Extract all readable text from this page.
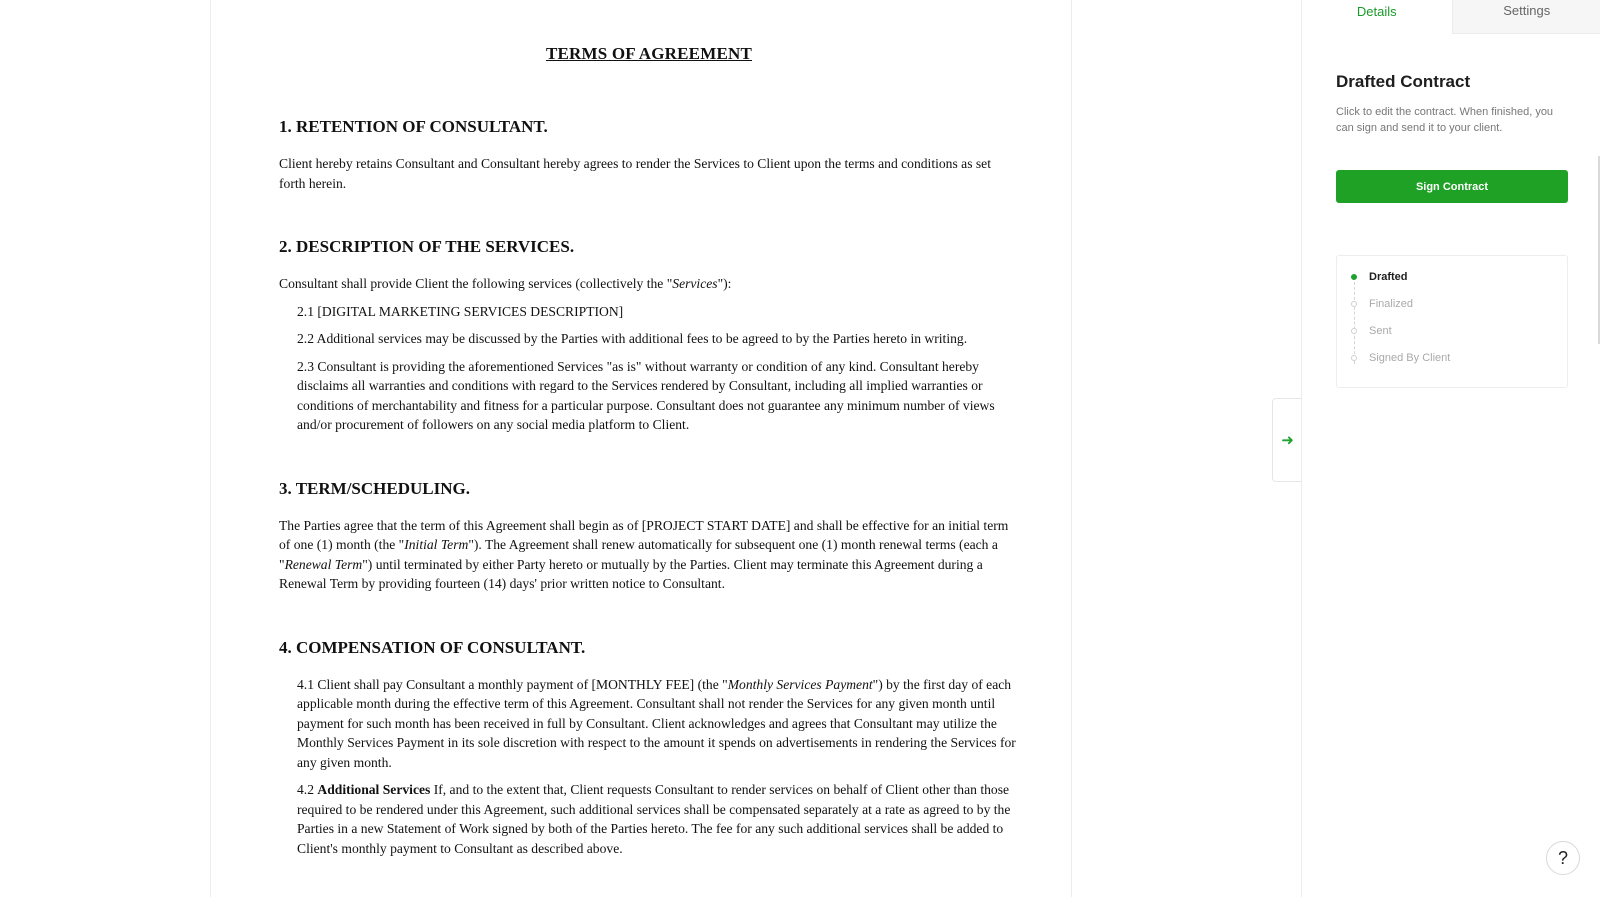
TERMS OF AGREEMENT
1. RETENTION OF CONSULTANT.

Client hereby retains Consultant and Consultant hereby agrees to render the Services to Client upon the terms and conditions as set forth herein.

2. DESCRIPTION OF THE SERVICES.

Consultant shall provide Client the following services (collectively the "Services"):

2.1 [DIGITAL MARKETING SERVICES DESCRIPTION]

2.2 Additional services may be discussed by the Parties with additional fees to be agreed to by the Parties hereto in writing.

2.3 Consultant is providing the aforementioned Services "as is" without warranty or condition of any kind. Consultant hereby disclaims all warranties and conditions with regard to the Services rendered by Consultant, including all implied warranties or conditions of merchantability and fitness for a particular purpose. Consultant does not guarantee any minimum number of views and/or procurement of followers on any social media platform to Client.

3. TERM/SCHEDULING.

The Parties agree that the term of this Agreement shall begin as of [PROJECT START DATE] and shall be effective for an initial term of one (1) month (the "Initial Term"). The Agreement shall renew automatically for subsequent one (1) month renewal terms (each a "Renewal Term") until terminated by either Party hereto or mutually by the Parties. Client may terminate this Agreement during a Renewal Term by providing fourteen (14) days' prior written notice to Consultant.

4. COMPENSATION OF CONSULTANT.

4.1 Client shall pay Consultant a monthly payment of [MONTHLY FEE] (the "Monthly Services Payment") by the first day of each applicable month during the effective term of this Agreement. Consultant shall not render the Services for any given month until payment for such month has been received in full by Consultant. Client acknowledges and agrees that Consultant may utilize the Monthly Services Payment in its sole discretion with respect to the amount it spends on advertisements in rendering the Services for any given month.

4.2 Additional Services If, and to the extent that, Client requests Consultant to render services on behalf of Client other than those required to be rendered under this Agreement, such additional services shall be compensated separately at a rate as agreed to by the Parties in a new Statement of Work signed by both of the Parties hereto. The fee for any such additional services shall be added to Client's monthly payment to Consultant as described above.

➜
Details	Settings
Drafted Contract
Click to edit the contract. When finished, you can sign and send it to your client.
Sign Contract
Drafted
Finalized
Sent
Signed By Client
?
